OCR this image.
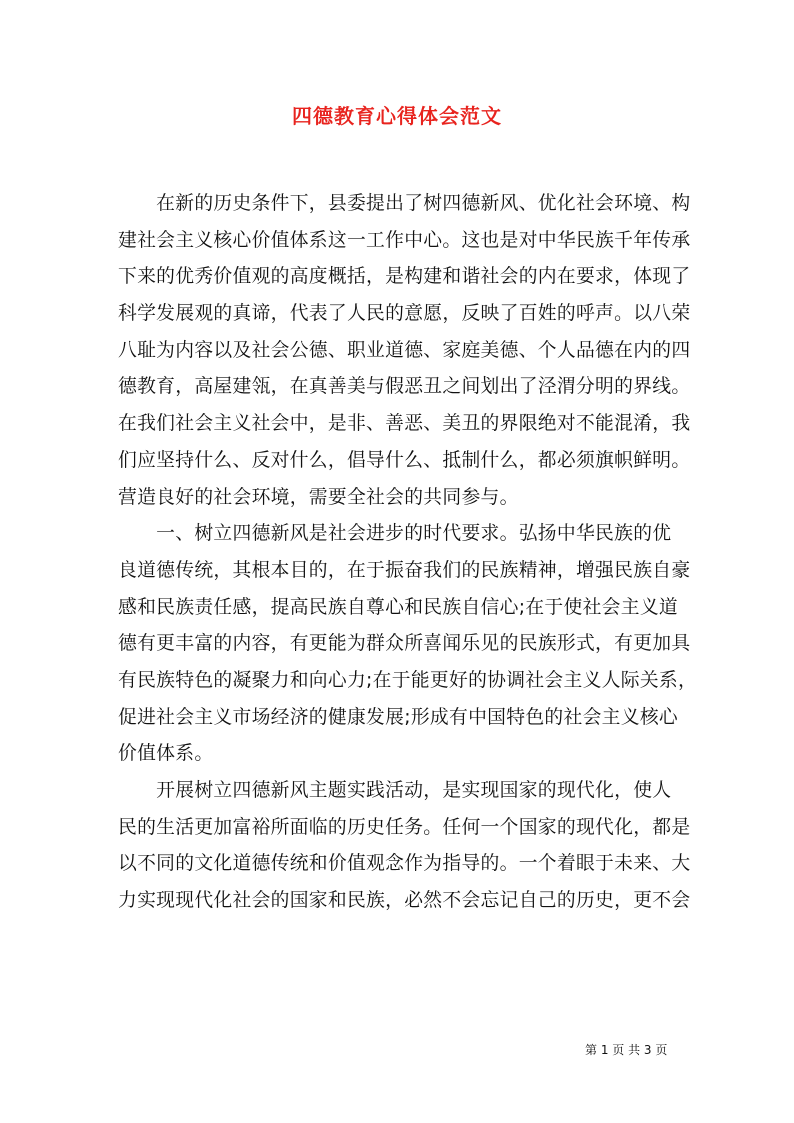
四德教育心得体会范文
　　在新的历史条件下，县委提出了树四德新风、优化社会环境、构
建社会主义核心价值体系这一工作中心。这也是对中华民族千年传承
下来的优秀价值观的高度概括，是构建和谐社会的内在要求，体现了
科学发展观的真谛，代表了人民的意愿，反映了百姓的呼声。以八荣
八耻为内容以及社会公德、职业道德、家庭美德、个人品德在内的四
德教育，高屋建瓴，在真善美与假恶丑之间划出了泾渭分明的界线。
在我们社会主义社会中，是非、善恶、美丑的界限绝对不能混淆，我
们应坚持什么、反对什么，倡导什么、抵制什么，都必须旗帜鲜明。
营造良好的社会环境，需要全社会的共同参与。
　　一、树立四德新风是社会进步的时代要求。弘扬中华民族的优
良道德传统，其根本目的，在于振奋我们的民族精神，增强民族自豪
感和民族责任感，提高民族自尊心和民族自信心;在于使社会主义道
德有更丰富的内容，有更能为群众所喜闻乐见的民族形式，有更加具
有民族特色的凝聚力和向心力;在于能更好的协调社会主义人际关系，
促进社会主义市场经济的健康发展;形成有中国特色的社会主义核心
价值体系。
　　开展树立四德新风主题实践活动，是实现国家的现代化，使人
民的生活更加富裕所面临的历史任务。任何一个国家的现代化，都是
以不同的文化道德传统和价值观念作为指导的。一个着眼于未来、大
力实现现代化社会的国家和民族，必然不会忘记自己的历史，更不会
第 1 页 共 3 页
